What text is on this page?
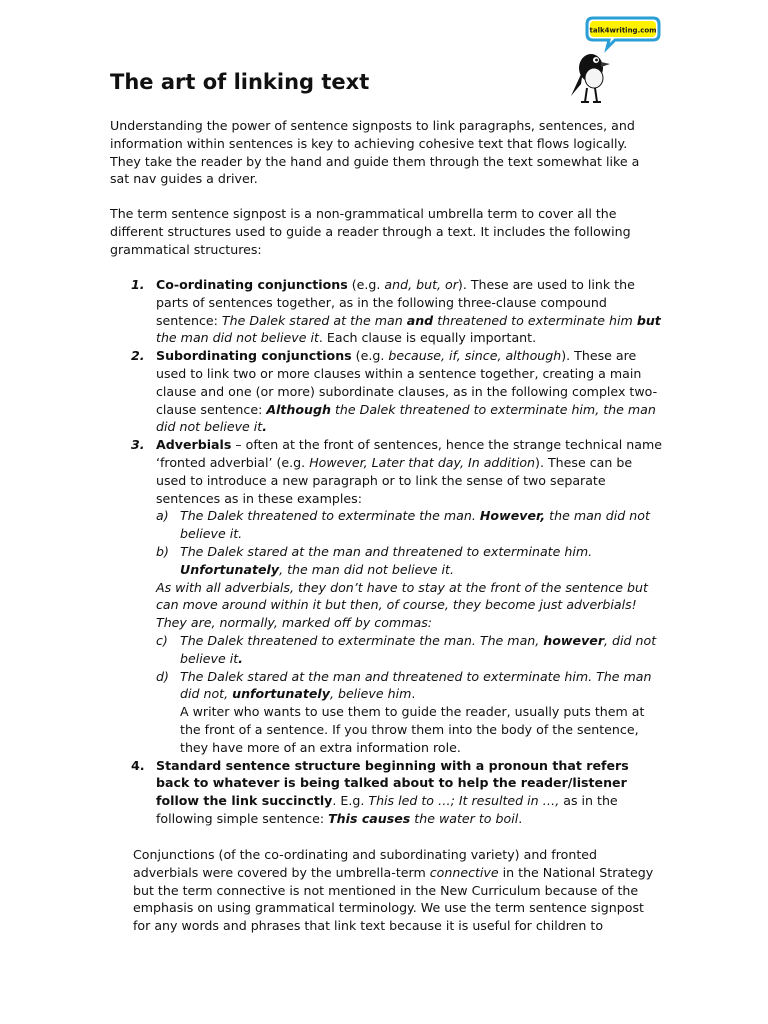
talk4writing.com
The art of linking text
Understanding the power of sentence signposts to link paragraphs, sentences, and information within sentences is key to achieving cohesive text that flows logically. They take the reader by the hand and guide them through the text somewhat like a sat nav guides a driver.
The term sentence signpost is a non-grammatical umbrella term to cover all the different structures used to guide a reader through a text. It includes the following grammatical structures:
1. Co-ordinating conjunctions (e.g. and, but, or). These are used to link the parts of sentences together, as in the following three-clause compound sentence: The Dalek stared at the man and threatened to exterminate him but the man did not believe it. Each clause is equally important.
2. Subordinating conjunctions (e.g. because, if, since, although). These are used to link two or more clauses within a sentence together, creating a main clause and one (or more) subordinate clauses, as in the following complex two-clause sentence: Although the Dalek threatened to exterminate him, the man did not believe it.
3. Adverbials – often at the front of sentences, hence the strange technical name ‘fronted adverbial’ (e.g. However, Later that day, In addition). These can be used to introduce a new paragraph or to link the sense of two separate sentences as in these examples:
a) The Dalek threatened to exterminate the man. However, the man did not believe it.
b) The Dalek stared at the man and threatened to exterminate him. Unfortunately, the man did not believe it.
As with all adverbials, they don’t have to stay at the front of the sentence but can move around within it but then, of course, they become just adverbials! They are, normally, marked off by commas:
c) The Dalek threatened to exterminate the man. The man, however, did not believe it.
d) The Dalek stared at the man and threatened to exterminate him. The man did not, unfortunately, believe him.
A writer who wants to use them to guide the reader, usually puts them at the front of a sentence. If you throw them into the body of the sentence, they have more of an extra information role.
4. Standard sentence structure beginning with a pronoun that refers back to whatever is being talked about to help the reader/listener follow the link succinctly. E.g. This led to …; It resulted in …, as in the following simple sentence: This causes the water to boil.
Conjunctions (of the co-ordinating and subordinating variety) and fronted adverbials were covered by the umbrella-term connective in the National Strategy but the term connective is not mentioned in the New Curriculum because of the emphasis on using grammatical terminology. We use the term sentence signpost for any words and phrases that link text because it is useful for children to
